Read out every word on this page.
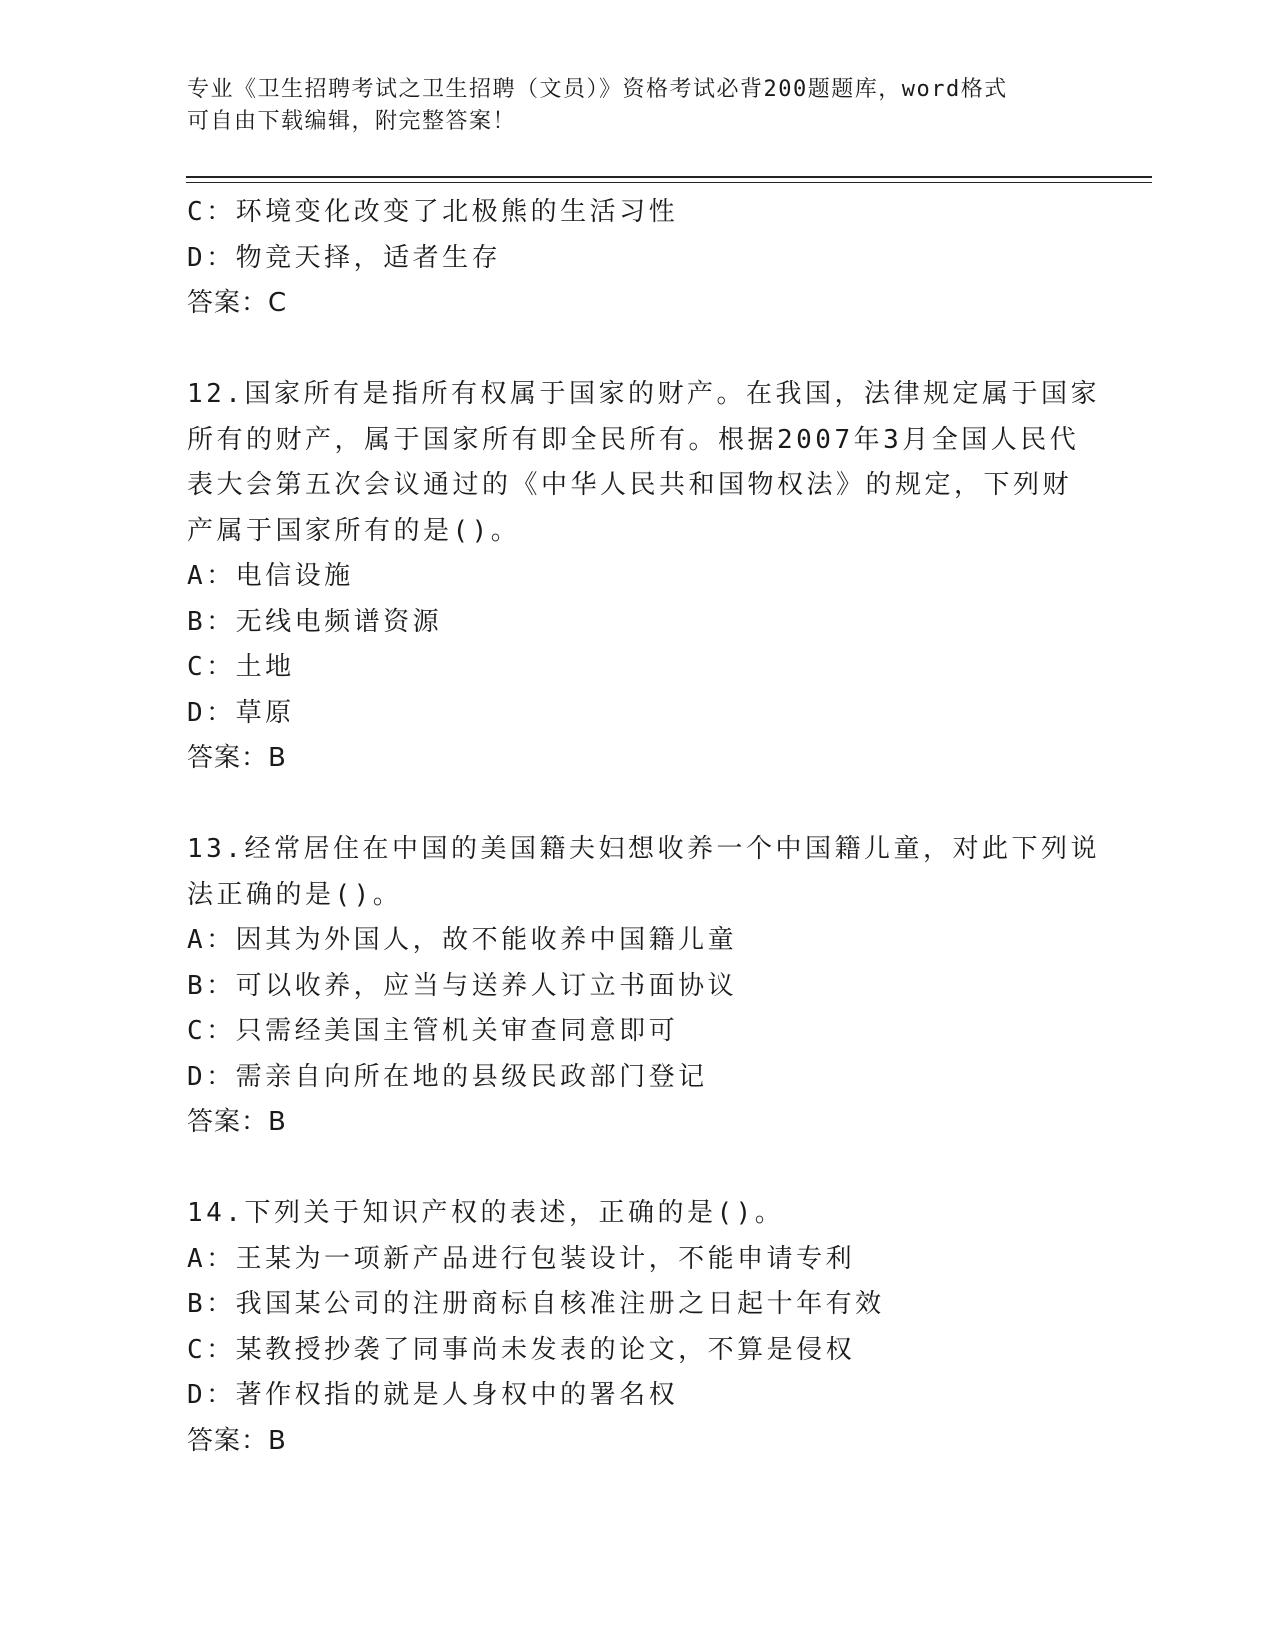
专业《卫生招聘考试之卫生招聘（文员）》资格考试必背200题题库，word格式
可自由下载编辑，附完整答案！
C：环境变化改变了北极熊的生活习性
D：物竞天择，适者生存
答案：C
12.国家所有是指所有权属于国家的财产。在我国，法律规定属于国家
所有的财产，属于国家所有即全民所有。根据2007年3月全国人民代
表大会第五次会议通过的《中华人民共和国物权法》的规定，下列财
产属于国家所有的是()。
A：电信设施
B：无线电频谱资源
C：土地
D：草原
答案：B
13.经常居住在中国的美国籍夫妇想收养一个中国籍儿童，对此下列说
法正确的是()。
A：因其为外国人，故不能收养中国籍儿童
B：可以收养，应当与送养人订立书面协议
C：只需经美国主管机关审查同意即可
D：需亲自向所在地的县级民政部门登记
答案：B
14.下列关于知识产权的表述，正确的是()。
A：王某为一项新产品进行包装设计，不能申请专利
B：我国某公司的注册商标自核准注册之日起十年有效
C：某教授抄袭了同事尚未发表的论文，不算是侵权
D：著作权指的就是人身权中的署名权
答案：B
